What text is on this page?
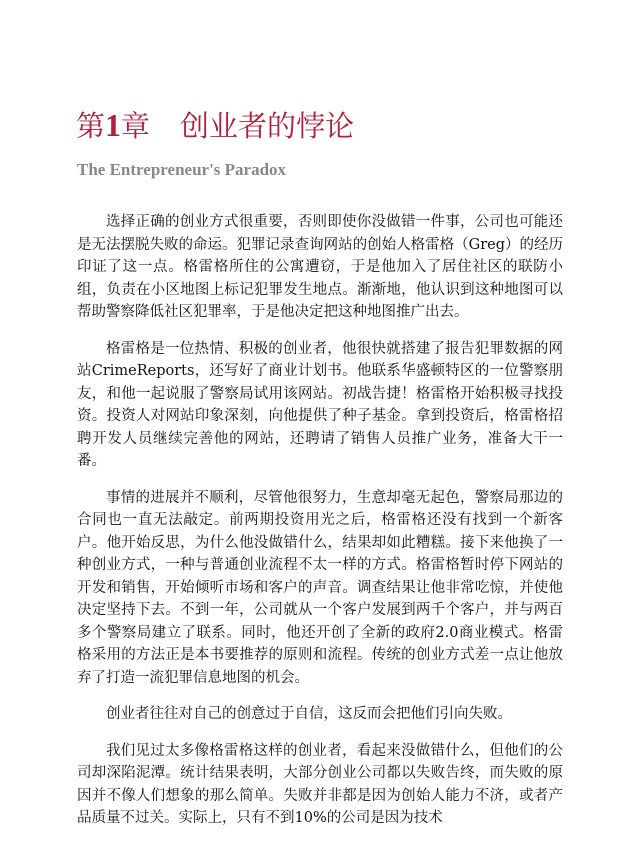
第1章 创业者的悖论
The Entrepreneur's Paradox

选择正确的创业方式很重要，否则即使你没做错一件事，公司也可能还是无法摆脱失败的命运。犯罪记录查询网站的创始人格雷格（Greg）的经历印证了这一点。格雷格所住的公寓遭窃，于是他加入了居住社区的联防小组，负责在小区地图上标记犯罪发生地点。渐渐地，他认识到这种地图可以帮助警察降低社区犯罪率，于是他决定把这种地图推广出去。

格雷格是一位热情、积极的创业者，他很快就搭建了报告犯罪数据的网站CrimeReports，还写好了商业计划书。他联系华盛顿特区的一位警察朋友，和他一起说服了警察局试用该网站。初战告捷！格雷格开始积极寻找投资。投资人对网站印象深刻，向他提供了种子基金。拿到投资后，格雷格招聘开发人员继续完善他的网站，还聘请了销售人员推广业务，准备大干一番。

事情的进展并不顺利，尽管他很努力，生意却毫无起色，警察局那边的合同也一直无法敲定。前两期投资用光之后，格雷格还没有找到一个新客户。他开始反思，为什么他没做错什么，结果却如此糟糕。接下来他换了一种创业方式，一种与普通创业流程不太一样的方式。格雷格暂时停下网站的开发和销售，开始倾听市场和客户的声音。调查结果让他非常吃惊，并使他决定坚持下去。不到一年，公司就从一个客户发展到两千个客户，并与两百多个警察局建立了联系。同时，他还开创了全新的政府2.0商业模式。格雷格采用的方法正是本书要推荐的原则和流程。传统的创业方式差一点让他放弃了打造一流犯罪信息地图的机会。

创业者往往对自己的创意过于自信，这反而会把他们引向失败。

我们见过太多像格雷格这样的创业者，看起来没做错什么，但他们的公司却深陷泥潭。统计结果表明，大部分创业公司都以失败告终，而失败的原因并不像人们想象的那么简单。失败并非都是因为创始人能力不济，或者产品质量不过关。实际上，只有不到10%的公司是因为技术
